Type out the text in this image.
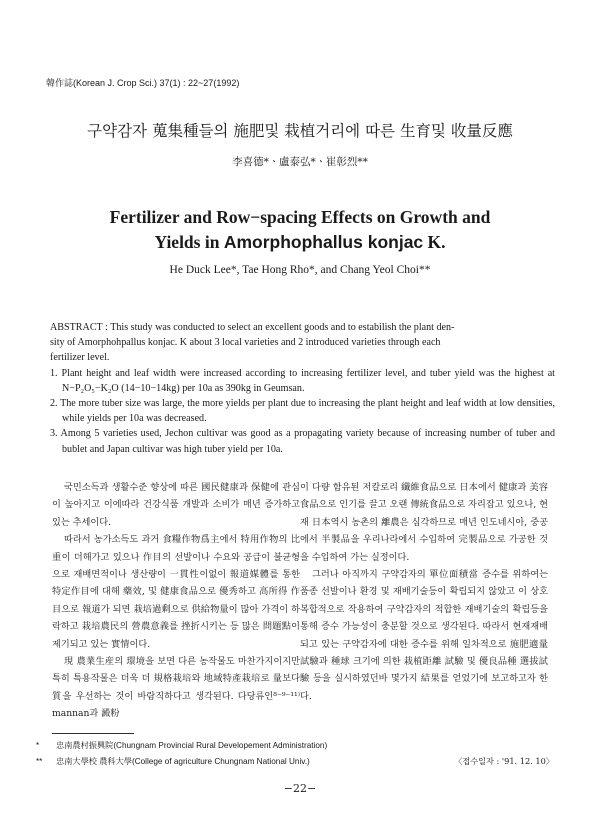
韓作誌(Korean J. Crop Sci.) 37(1) : 22~27(1992)
구약감자 蒐集種들의 施肥및 栽植거리에 따른 生育및 收量反應
李喜德*ㆍ盧泰弘*ㆍ崔彰烈**
Fertilizer and Row−spacing Effects on Growth and
Yields in Amorphophallus konjac K.
He Duck Lee*, Tae Hong Rho*, and Chang Yeol Choi**
ABSTRACT : This study was conducted to select an excellent goods and to estabilish the plant den-
sity of Amorphohpallus konjac. K about 3 local varieties and 2 introduced varieties through each
fertilizer level.
1. Plant height and leaf width were increased according to increasing fertilizer level, and tuber yield was the highest at N−P₂O₅−K₂O (14−10−14kg) per 10a as 390kg in Geumsan.
2. The more tuber size was large, the more yields per plant due to increasing the plant height and leaf width at low densities, while yields per 10a was decreased.
3. Among 5 varieties used, Jechon cultivar was good as a propagating variety because of increasing number of tuber and bublet and Japan cultivar was high tuber yield per 10a.

국민소득과 생활수준 향상에 따른 國民健康과 保健에 관심이 높아지고 이에따라 건강식품 개발과 소비가 매년 증가하고 있는 추세이다.

따라서 농가소득도 과거 食糧作物爲主에서 特用作物의 比重이 더해가고 있으나 作目의 선발이나 수요와 공급이 불균형으로 재배면적이나 생산량이 一貫性이없이 報道媒體를 통한 特定作目에 대해 藥效, 및 健康食品으로 優秀하고 高所得 作目으로 報道가 되면 栽培過剩으로 供給物量이 많아 가격이 하락하고 栽培農民의 營農意義를 挫折시키는 등 많은 問題點이 제기되고 있는 實情이다.

現 農業生産의 環境을 보면 다른 농작물도 마찬가지이지만 특히 특용작물은 더욱 더 規格栽培와 地域特產栽培로 量보다 質을 우선하는 것이 바람직하다고 생각된다. 다당류인⁸⁻⁹⁻¹¹⁾ mannan과 澱粉

이 다량 함유된 저칼로리 纖維食品으로 日本에서 健康과 美容食品으로 인기를 끌고 오랜 傳統食品으로 자리잡고 있으나, 현재 日本역시 농촌의 離農은 심각하므로 매년 인도네시아, 중공에서 半製品을 우리나라에서 수입하여 完製品으로 가공한 것을 수입하여 가는 실정이다.

그러나 아직까지 구약감자의 單位面積當 증수를 위하여는 품종 선발이나 환경 및 재배기술등이 확립되지 않았고 이 상호복합적으로 작용하여 구약감자의 적합한 재배기술의 확립등을 통해 증수 가능성이 충분할 것으로 생각된다. 따라서 현재재배되고 있는 구약감자에 대한 증수를 위해 일차적으로 施肥適量 試驗과 種球 크기에 의한 栽植距離 試驗 및 優良品種 選拔試驗 등을 실시하였던바 몇가지 結果를 얻었기에 보고하고자 한다.

* 忠南農村振興院(Chungnam Provincial Rural Developement Administration)
** 忠南大學校 農科大學(College of agriculture Chungnam National Univ.)	〈접수일자 : '91. 12. 10〉
−22−
